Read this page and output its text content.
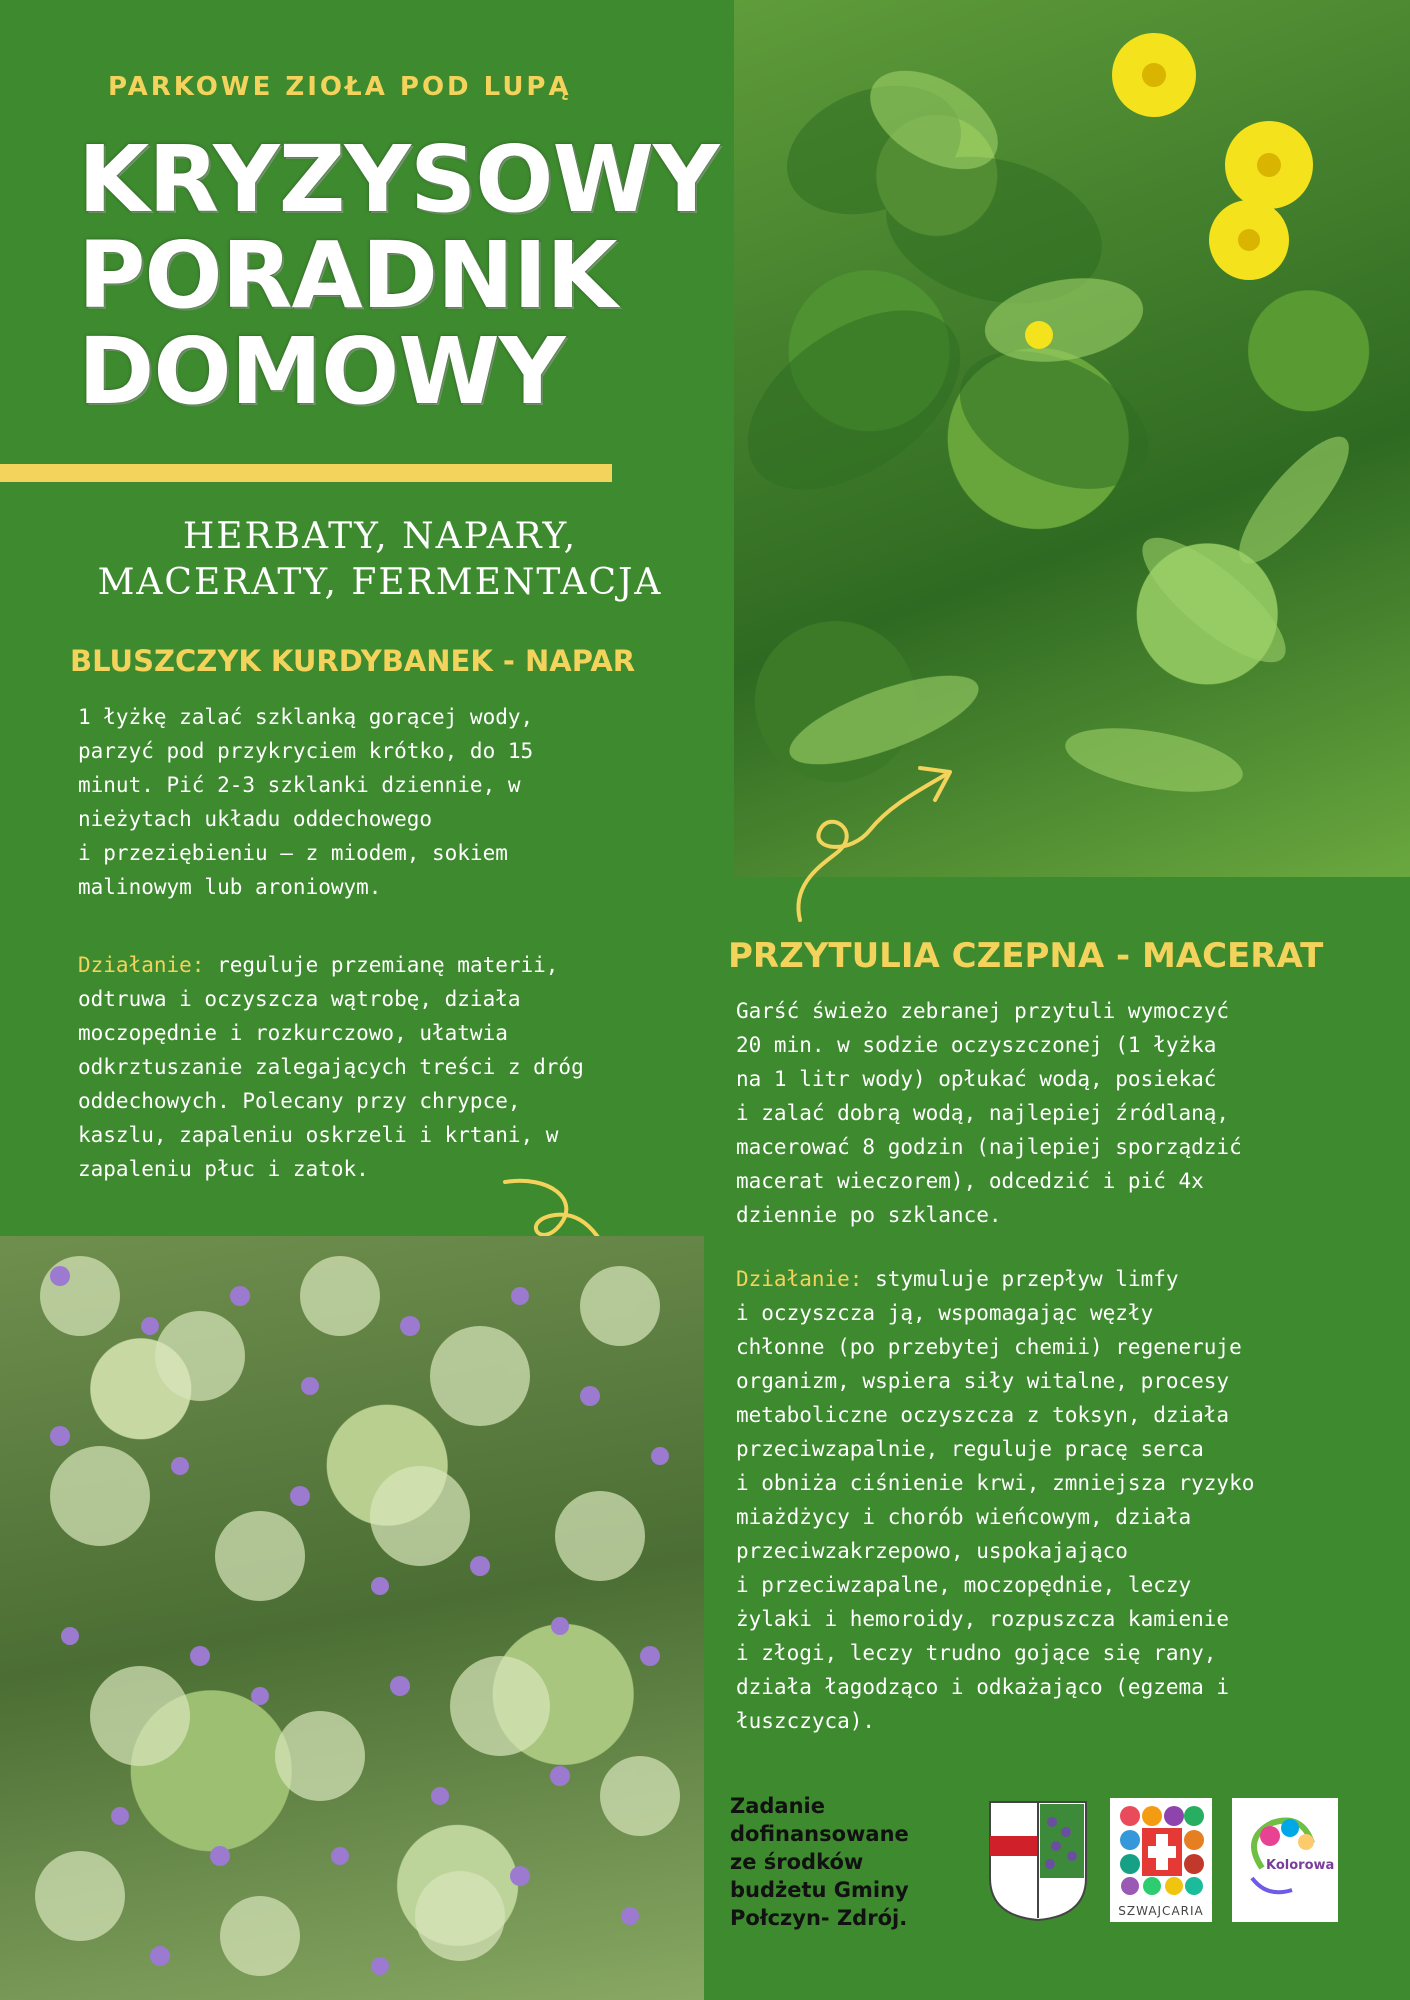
PARKOWE ZIOŁA POD LUPĄ
KRYZYSOWY
PORADNIK
DOMOWY
HERBATY, NAPARY,
MACERATY, FERMENTACJA
BLUSZCZYK KURDYBANEK - NAPAR
1 łyżkę zalać szklanką gorącej wody,
parzyć pod przykryciem krótko, do 15
minut. Pić 2-3 szklanki dziennie, w
nieżytach układu oddechowego
i przeziębieniu – z miodem, sokiem
malinowym lub aroniowym.
Działanie: reguluje przemianę materii,
odtruwa i oczyszcza wątrobę, działa
moczopędnie i rozkurczowo, ułatwia
odkrztuszanie zalegających treści z dróg
oddechowych. Polecany przy chrypce,
kaszlu, zapaleniu oskrzeli i krtani, w
zapaleniu płuc i zatok.
PRZYTULIA CZEPNA - MACERAT
Garść świeżo zebranej przytuli wymoczyć
20 min. w sodzie oczyszczonej (1 łyżka
na 1 litr wody) opłukać wodą, posiekać
i zalać dobrą wodą, najlepiej źródlaną,
macerować 8 godzin (najlepiej sporządzić
macerat wieczorem), odcedzić i pić 4x
dziennie po szklance.
Działanie: stymuluje przepływ limfy
i oczyszcza ją, wspomagając węzły
chłonne (po przebytej chemii) regeneruje
organizm, wspiera siły witalne, procesy
metaboliczne oczyszcza z toksyn, działa
przeciwzapalnie, reguluje pracę serca
i obniża ciśnienie krwi, zmniejsza ryzyko
miażdżycy i chorób wieńcowym, działa
przeciwzakrzepowo, uspokajająco
i przeciwzapalne, moczopędnie, leczy
żylaki i hemoroidy, rozpuszcza kamienie
i złogi, leczy trudno gojące się rany,
działa łagodząco i odkażająco (egzema i
łuszczyca).
Zadanie
dofinansowane
ze środków
budżetu Gminy
Połczyn- Zdrój.	SZWAJCARIA
Kolorowa
